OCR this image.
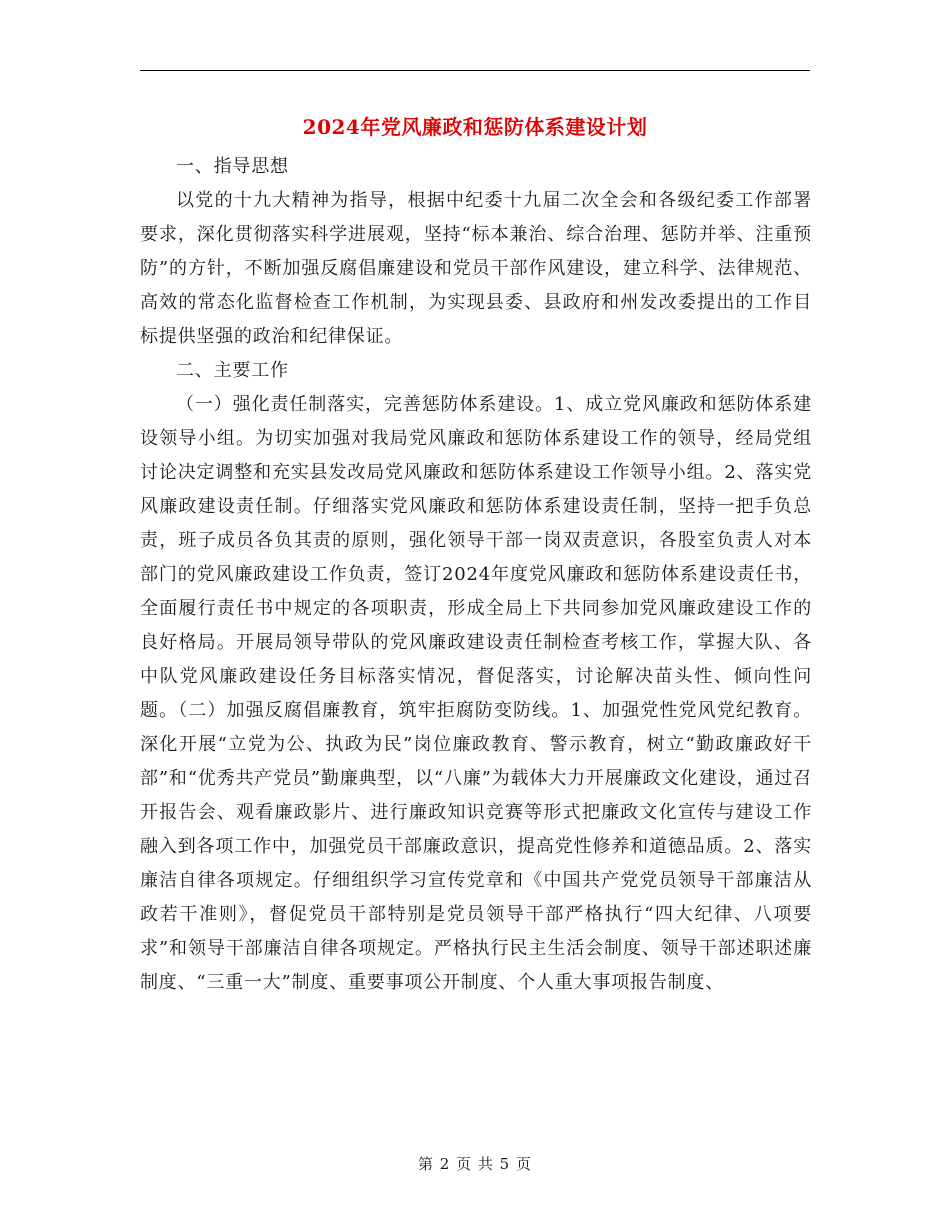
2024年党风廉政和惩防体系建设计划

一、指导思想

以党的十九大精神为指导，根据中纪委十九届二次全会和各级纪委工作部署要求，深化贯彻落实科学进展观，坚持“标本兼治、综合治理、惩防并举、注重预防”的方针，不断加强反腐倡廉建设和党员干部作风建设，建立科学、法律规范、高效的常态化监督检查工作机制，为实现县委、县政府和州发改委提出的工作目标提供坚强的政治和纪律保证。

二、主要工作

（一）强化责任制落实，完善惩防体系建设。1、成立党风廉政和惩防体系建设领导小组。为切实加强对我局党风廉政和惩防体系建设工作的领导，经局党组讨论决定调整和充实县发改局党风廉政和惩防体系建设工作领导小组。2、落实党风廉政建设责任制。仔细落实党风廉政和惩防体系建设责任制，坚持一把手负总责，班子成员各负其责的原则，强化领导干部一岗双责意识，各股室负责人对本部门的党风廉政建设工作负责，签订2024年度党风廉政和惩防体系建设责任书，全面履行责任书中规定的各项职责，形成全局上下共同参加党风廉政建设工作的良好格局。开展局领导带队的党风廉政建设责任制检查考核工作，掌握大队、各中队党风廉政建设任务目标落实情况，督促落实，讨论解决苗头性、倾向性问题。（二）加强反腐倡廉教育，筑牢拒腐防变防线。1、加强党性党风党纪教育。深化开展“立党为公、执政为民”岗位廉政教育、警示教育，树立“勤政廉政好干部”和“优秀共产党员”勤廉典型，以“八廉”为载体大力开展廉政文化建设，通过召开报告会、观看廉政影片、进行廉政知识竞赛等形式把廉政文化宣传与建设工作融入到各项工作中，加强党员干部廉政意识，提高党性修养和道德品质。2、落实廉洁自律各项规定。仔细组织学习宣传党章和《中国共产党党员领导干部廉洁从政若干准则》，督促党员干部特别是党员领导干部严格执行“四大纪律、八项要求”和领导干部廉洁自律各项规定。严格执行民主生活会制度、领导干部述职述廉制度、“三重一大”制度、重要事项公开制度、个人重大事项报告制度、

第 2 页 共 5 页
